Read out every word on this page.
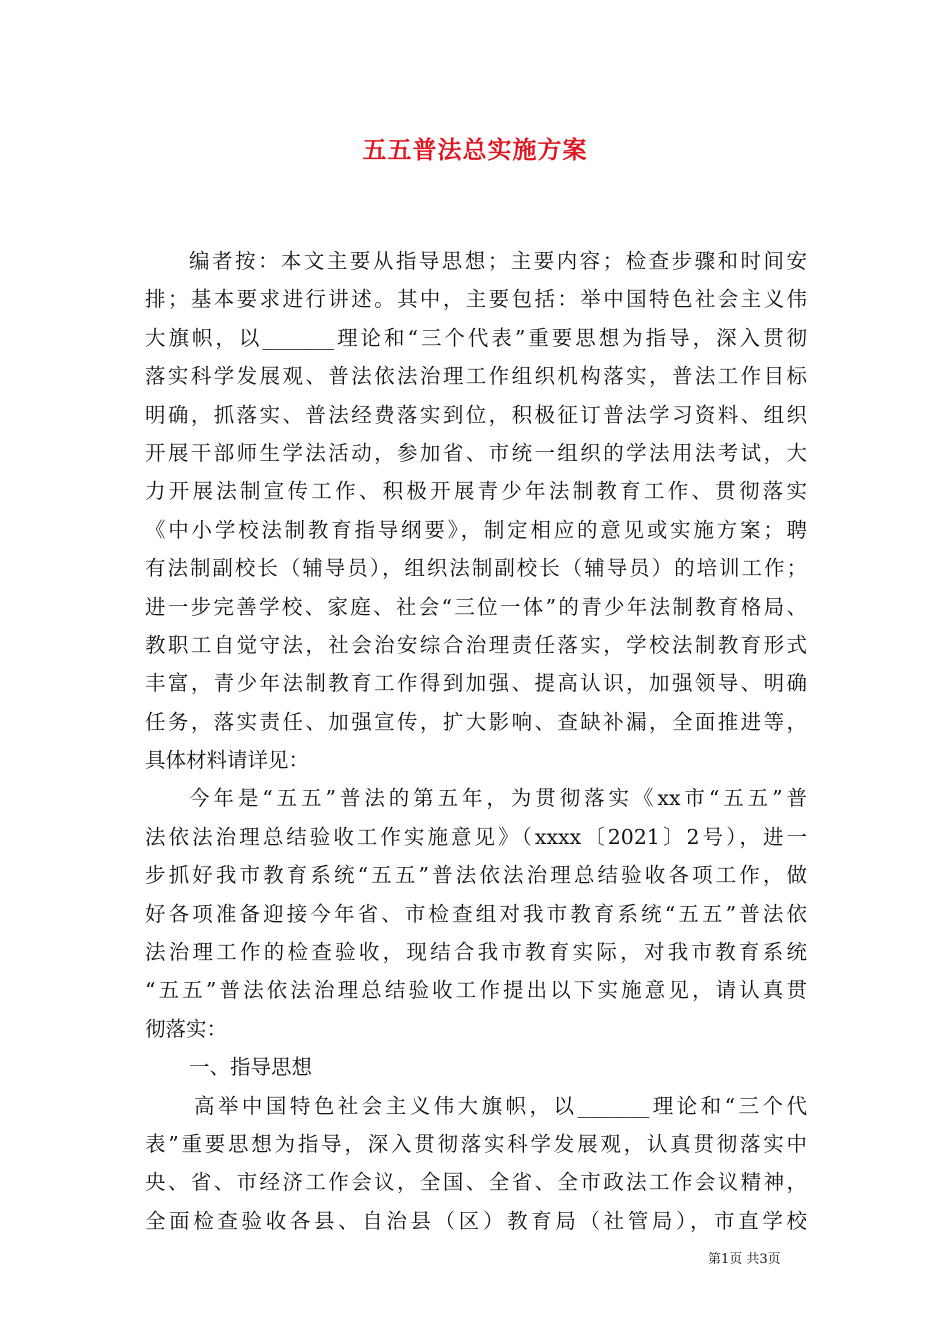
五五普法总实施方案
编者按：本文主要从指导思想；主要内容；检查步骤和时间安
排；基本要求进行讲述。其中，主要包括：举中国特色社会主义伟
大旗帜，以_______理论和“三个代表”重要思想为指导，深入贯彻
落实科学发展观、普法依法治理工作组织机构落实，普法工作目标
明确，抓落实、普法经费落实到位，积极征订普法学习资料、组织
开展干部师生学法活动，参加省、市统一组织的学法用法考试，大
力开展法制宣传工作、积极开展青少年法制教育工作、贯彻落实
《中小学校法制教育指导纲要》，制定相应的意见或实施方案；聘
有法制副校长（辅导员），组织法制副校长（辅导员）的培训工作；
进一步完善学校、家庭、社会“三位一体”的青少年法制教育格局、
教职工自觉守法，社会治安综合治理责任落实，学校法制教育形式
丰富，青少年法制教育工作得到加强、提高认识，加强领导、明确
任务，落实责任、加强宣传，扩大影响、查缺补漏，全面推进等，
具体材料请详见：
今年是“五五”普法的第五年，为贯彻落实《xx市“五五”普
法依法治理总结验收工作实施意见》（xxxx〔2021〕2号），进一
步抓好我市教育系统“五五”普法依法治理总结验收各项工作，做
好各项准备迎接今年省、市检查组对我市教育系统“五五”普法依
法治理工作的检查验收，现结合我市教育实际，对我市教育系统
“五五”普法依法治理总结验收工作提出以下实施意见，请认真贯
彻落实：
一、指导思想
高举中国特色社会主义伟大旗帜，以_______理论和“三个代
表”重要思想为指导，深入贯彻落实科学发展观，认真贯彻落实中
央、省、市经济工作会议，全国、全省、全市政法工作会议精神，
全面检查验收各县、自治县（区）教育局（社管局），市直学校
第1页 共3页
